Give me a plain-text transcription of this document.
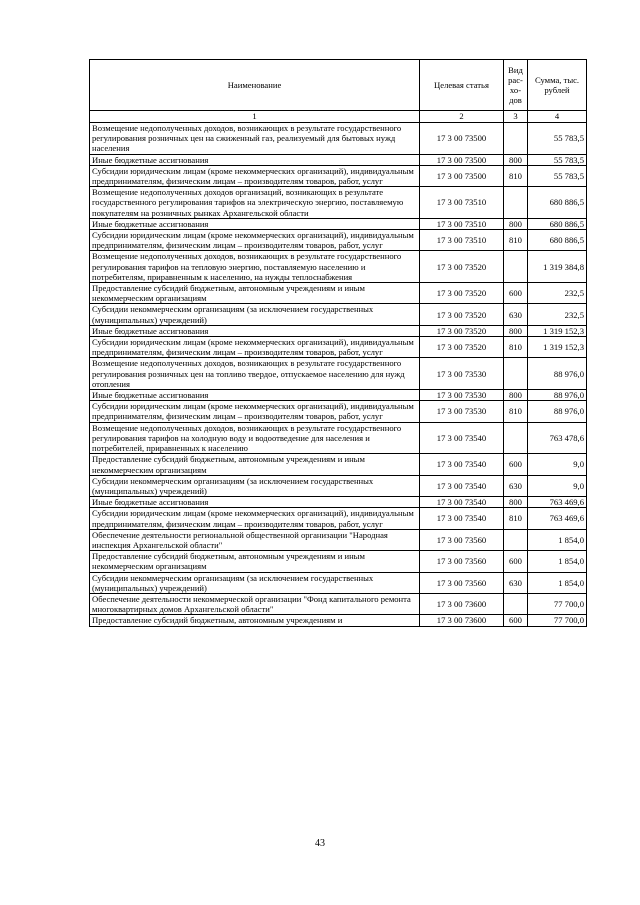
Наименование	Целевая статья	Вид рас-хо-дов	Сумма, тыс. рублей
1	2	3	4
Возмещение недополученных доходов, возникающих в результате государственного регулирования розничных цен на сжиженный газ, реализуемый для бытовых нужд населения	17 3 00 73500		55 783,5
Иные бюджетные ассигнования	17 3 00 73500	800	55 783,5
Субсидии юридическим лицам (кроме некоммерческих организаций), индивидуальным предпринимателям, физическим лицам – производителям товаров, работ, услуг	17 3 00 73500	810	55 783,5
Возмещение недополученных доходов организаций, возникающих в результате государственного регулирования тарифов на электрическую энергию, поставляемую покупателям на розничных рынках Архангельской области	17 3 00 73510		680 886,5
Иные бюджетные ассигнования	17 3 00 73510	800	680 886,5
Субсидии юридическим лицам (кроме некоммерческих организаций), индивидуальным предпринимателям, физическим лицам – производителям товаров, работ, услуг	17 3 00 73510	810	680 886,5
Возмещение недополученных доходов, возникающих в результате государственного регулирования тарифов на тепловую энергию, поставляемую населению и потребителям, приравненным к населению, на нужды теплоснабжения	17 3 00 73520		1 319 384,8
Предоставление субсидий бюджетным, автономным учреждениям и иным некоммерческим организациям	17 3 00 73520	600	232,5
Субсидии некоммерческим организациям (за исключением государственных (муниципальных) учреждений)	17 3 00 73520	630	232,5
Иные бюджетные ассигнования	17 3 00 73520	800	1 319 152,3
Субсидии юридическим лицам (кроме некоммерческих организаций), индивидуальным предпринимателям, физическим лицам – производителям товаров, работ, услуг	17 3 00 73520	810	1 319 152,3
Возмещение недополученных доходов, возникающих в результате государственного регулирования розничных цен на топливо твердое, отпускаемое населению для нужд отопления	17 3 00 73530		88 976,0
Иные бюджетные ассигнования	17 3 00 73530	800	88 976,0
Субсидии юридическим лицам (кроме некоммерческих организаций), индивидуальным предпринимателям, физическим лицам – производителям товаров, работ, услуг	17 3 00 73530	810	88 976,0
Возмещение недополученных доходов, возникающих в результате государственного регулирования тарифов на холодную воду и водоотведение для населения и потребителей, приравненных к населению	17 3 00 73540		763 478,6
Предоставление субсидий бюджетным, автономным учреждениям и иным некоммерческим организациям	17 3 00 73540	600	9,0
Субсидии некоммерческим организациям (за исключением государственных (муниципальных) учреждений)	17 3 00 73540	630	9,0
Иные бюджетные ассигнования	17 3 00 73540	800	763 469,6
Субсидии юридическим лицам (кроме некоммерческих организаций), индивидуальным предпринимателям, физическим лицам – производителям товаров, работ, услуг	17 3 00 73540	810	763 469,6
Обеспечение деятельности региональной общественной организации "Народная инспекция Архангельской области"	17 3 00 73560		1 854,0
Предоставление субсидий бюджетным, автономным учреждениям и иным некоммерческим организациям	17 3 00 73560	600	1 854,0
Субсидии некоммерческим организациям (за исключением государственных (муниципальных) учреждений)	17 3 00 73560	630	1 854,0
Обеспечение деятельности некоммерческой организации "Фонд капитального ремонта многоквартирных домов Архангельской области"	17 3 00 73600		77 700,0
Предоставление субсидий бюджетным, автономным учреждениям и	17 3 00 73600	600	77 700,0
43
